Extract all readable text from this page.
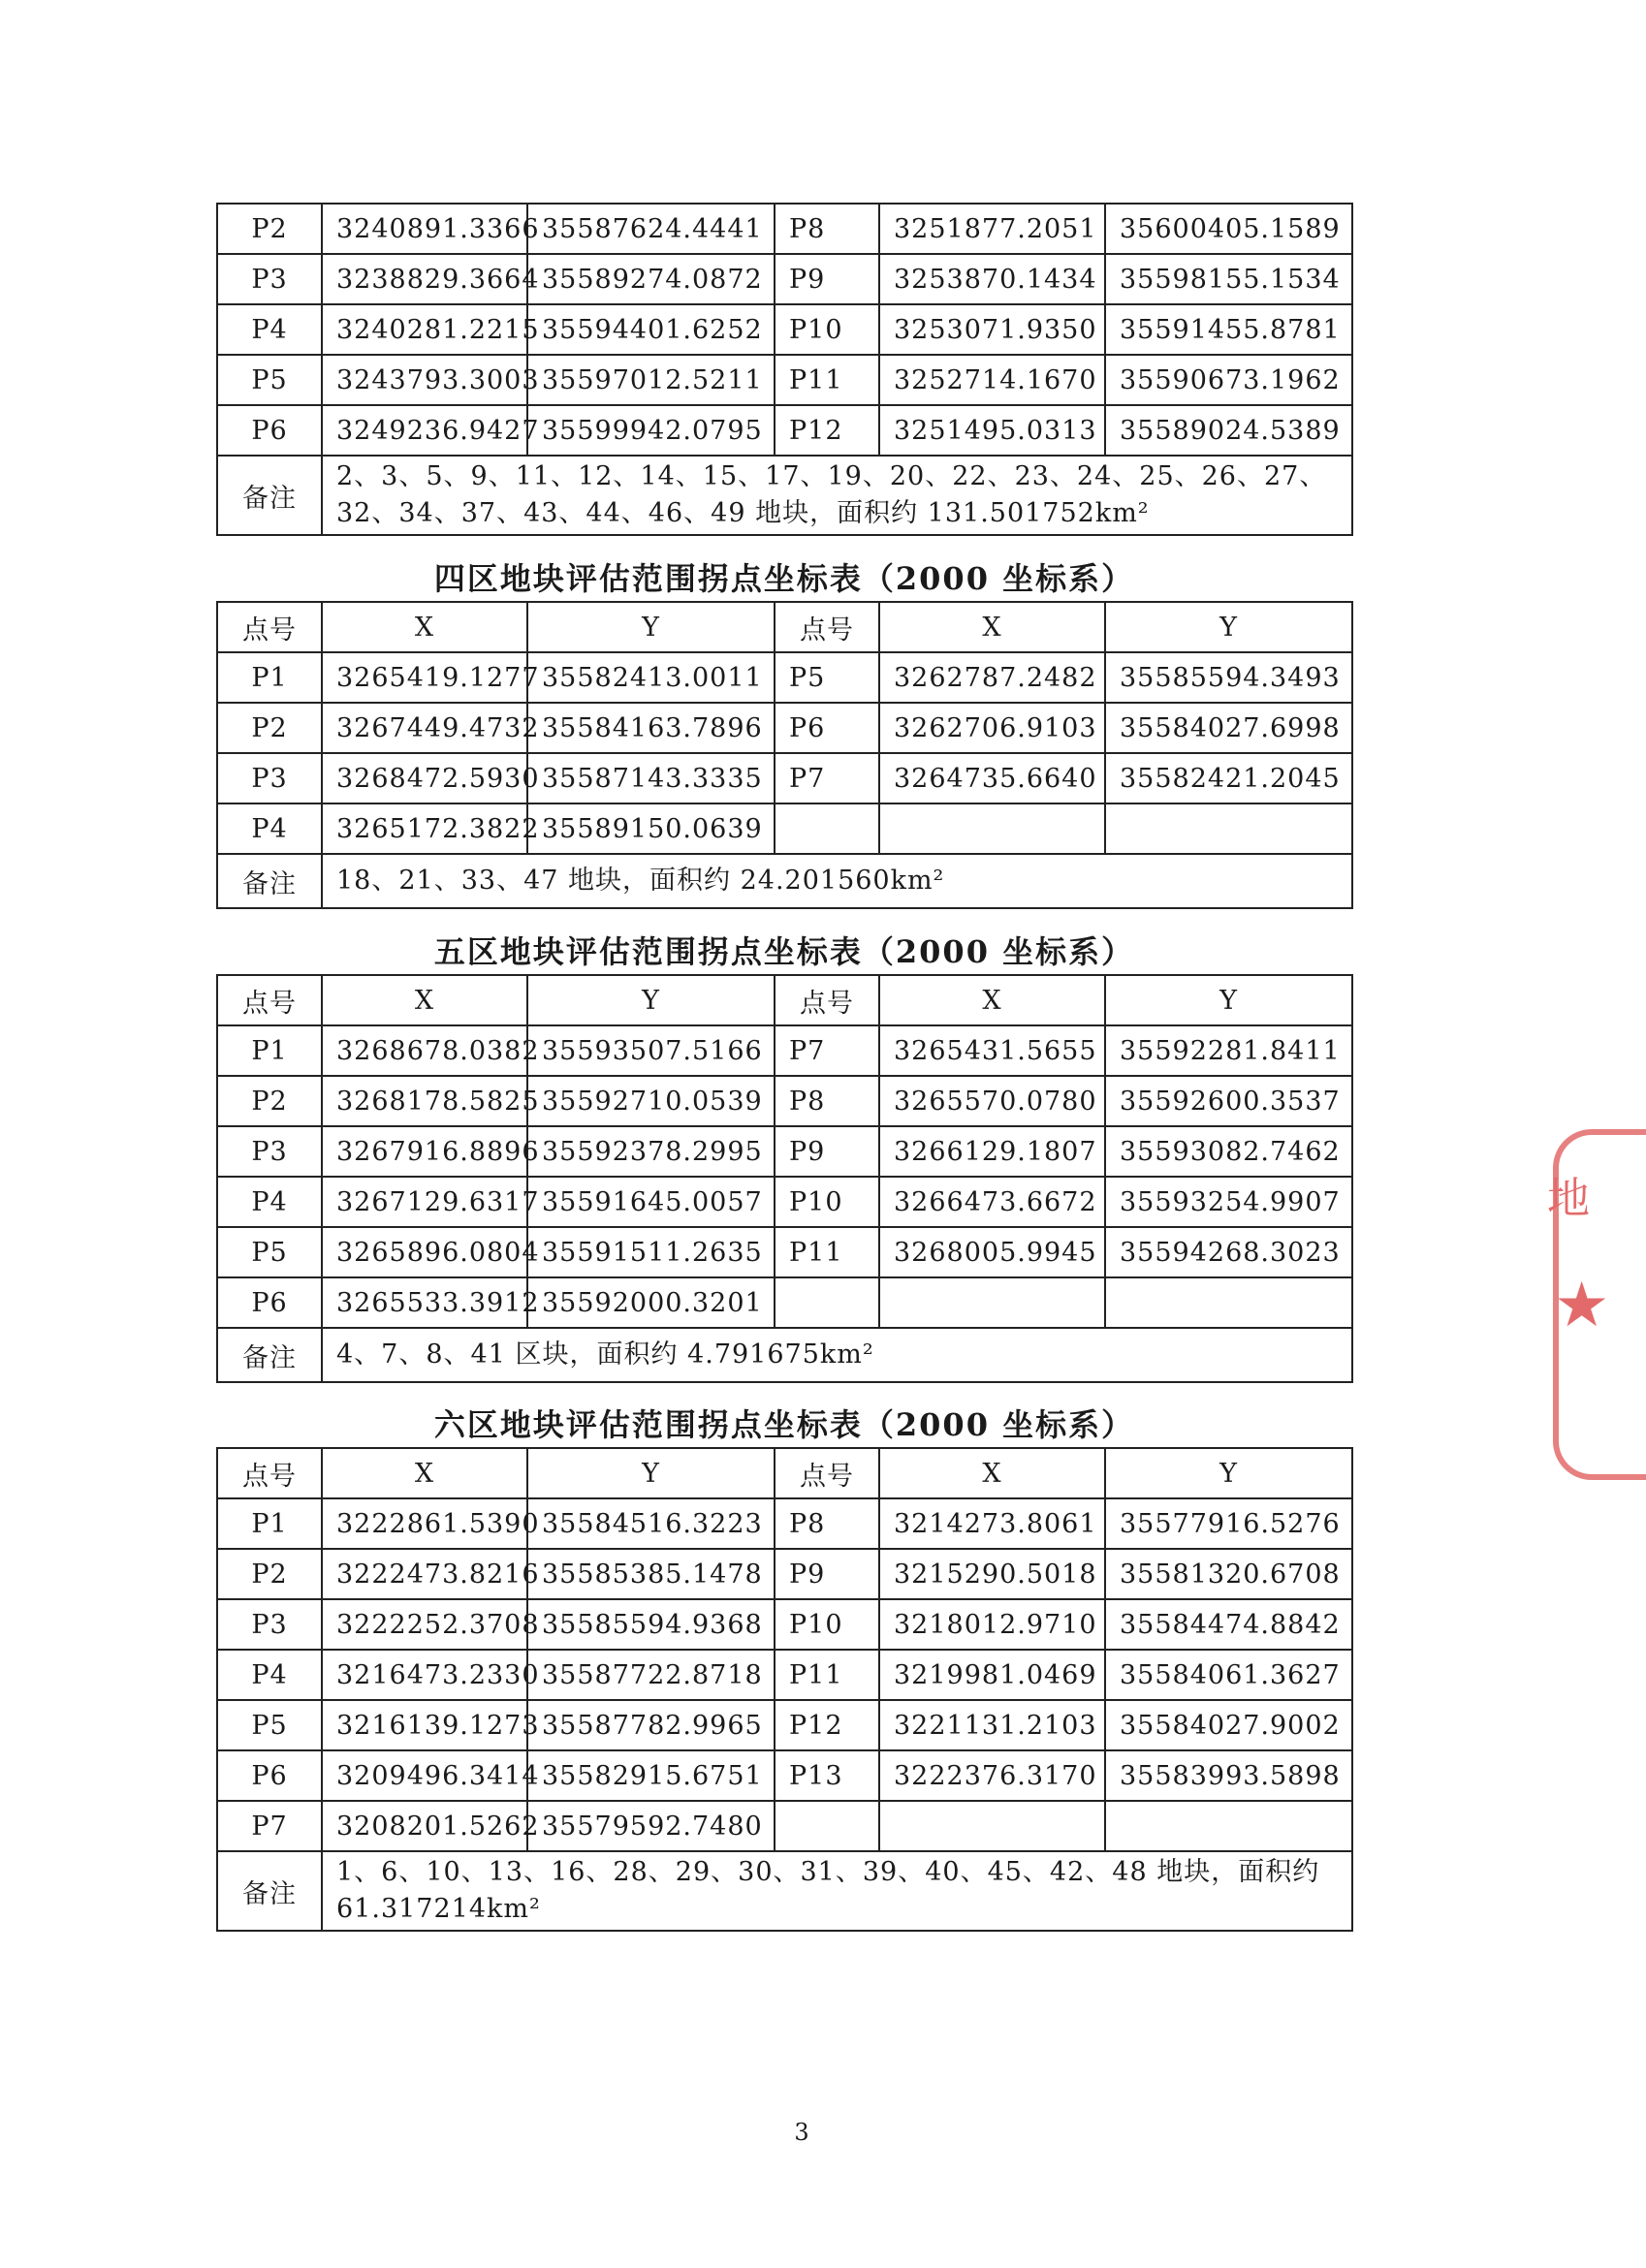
P2	3240891.3366	35587624.4441	P8	3251877.2051	35600405.1589
P3	3238829.3664	35589274.0872	P9	3253870.1434	35598155.1534
P4	3240281.2215	35594401.6252	P10	3253071.9350	35591455.8781
P5	3243793.3003	35597012.5211	P11	3252714.1670	35590673.1962
P6	3249236.9427	35599942.0795	P12	3251495.0313	35589024.5389
备注	2、3、5、9、11、12、14、15、17、19、20、22、23、24、25、26、27、32、34、37、43、44、46、49 地块，面积约 131.501752km²				
四区地块评估范围拐点坐标表（2000 坐标系）
点号	X	Y	点号	X	Y
P1	3265419.1277	35582413.0011	P5	3262787.2482	35585594.3493
P2	3267449.4732	35584163.7896	P6	3262706.9103	35584027.6998
P3	3268472.5930	35587143.3335	P7	3264735.6640	35582421.2045
P4	3265172.3822	35589150.0639			
备注	18、21、33、47 地块，面积约 24.201560km²				
五区地块评估范围拐点坐标表（2000 坐标系）
点号	X	Y	点号	X	Y
P1	3268678.0382	35593507.5166	P7	3265431.5655	35592281.8411
P2	3268178.5825	35592710.0539	P8	3265570.0780	35592600.3537
P3	3267916.8896	35592378.2995	P9	3266129.1807	35593082.7462
P4	3267129.6317	35591645.0057	P10	3266473.6672	35593254.9907
P5	3265896.0804	35591511.2635	P11	3268005.9945	35594268.3023
P6	3265533.3912	35592000.3201			
备注	4、7、8、41 区块，面积约 4.791675km²				
六区地块评估范围拐点坐标表（2000 坐标系）
点号	X	Y	点号	X	Y
P1	3222861.5390	35584516.3223	P8	3214273.8061	35577916.5276
P2	3222473.8216	35585385.1478	P9	3215290.5018	35581320.6708
P3	3222252.3708	35585594.9368	P10	3218012.9710	35584474.8842
P4	3216473.2330	35587722.8718	P11	3219981.0469	35584061.3627
P5	3216139.1273	35587782.9965	P12	3221131.2103	35584027.9002
P6	3209496.3414	35582915.6751	P13	3222376.3170	35583993.5898
P7	3208201.5262	35579592.7480			
备注	1、6、10、13、16、28、29、30、31、39、40、45、42、48 地块，面积约 61.317214km²				
3
地
★
